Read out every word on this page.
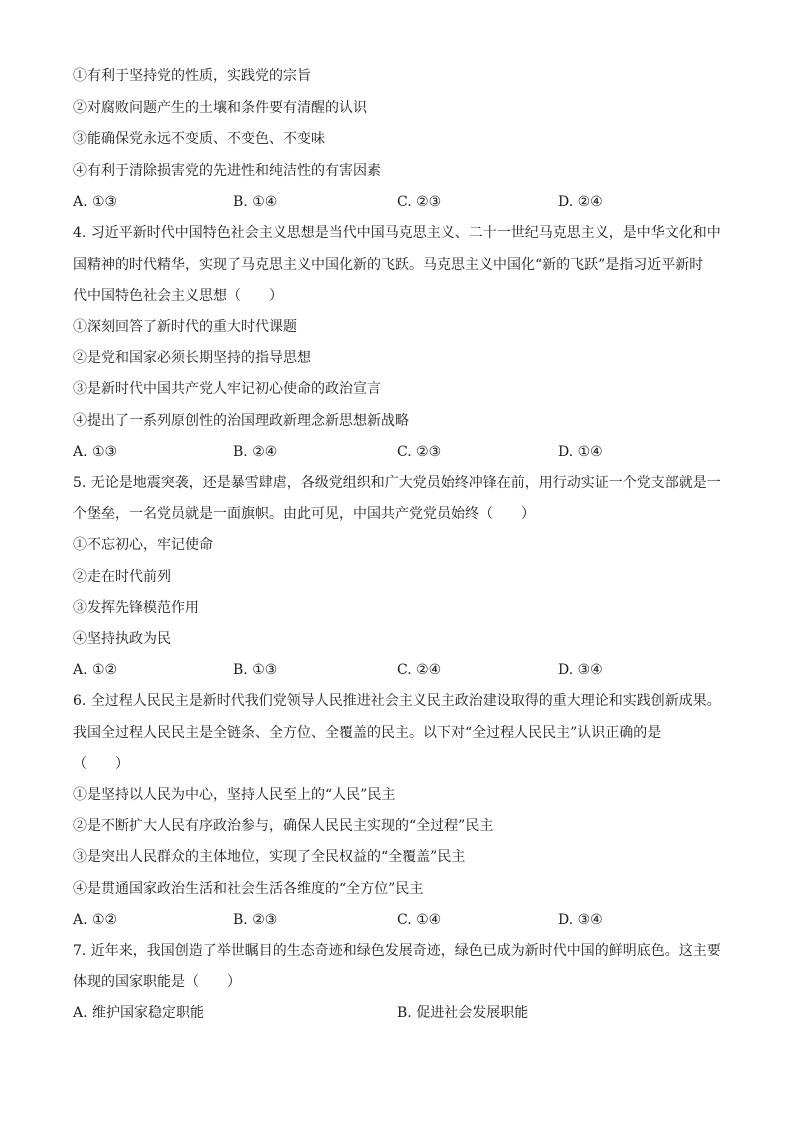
①有利于坚持党的性质，实践党的宗旨
②对腐败问题产生的土壤和条件要有清醒的认识
③能确保党永远不变质、不变色、不变味
④有利于清除损害党的先进性和纯洁性的有害因素
A. ①③	B. ①④	C. ②③	D. ②④
4. 习近平新时代中国特色社会主义思想是当代中国马克思主义、二十一世纪马克思主义，是中华文化和中
国精神的时代精华，实现了马克思主义中国化新的飞跃。马克思主义中国化“新的飞跃”是指习近平新时
代中国特色社会主义思想（　　）
①深刻回答了新时代的重大时代课题
②是党和国家必须长期坚持的指导思想
③是新时代中国共产党人牢记初心使命的政治宣言
④提出了一系列原创性的治国理政新理念新思想新战略
A. ①③	B. ②④	C. ②③	D. ①④
5. 无论是地震突袭，还是暴雪肆虐，各级党组织和广大党员始终冲锋在前，用行动实证一个党支部就是一
个堡垒，一名党员就是一面旗帜。由此可见，中国共产党党员始终（　　）
①不忘初心，牢记使命
②走在时代前列
③发挥先锋模范作用
④坚持执政为民
A. ①②	B. ①③	C. ②④	D. ③④
6. 全过程人民民主是新时代我们党领导人民推进社会主义民主政治建设取得的重大理论和实践创新成果。
我国全过程人民民主是全链条、全方位、全覆盖的民主。以下对“全过程人民民主”认识正确的是
（　　）
①是坚持以人民为中心，坚持人民至上的“人民”民主
②是不断扩大人民有序政治参与，确保人民民主实现的“全过程”民主
③是突出人民群众的主体地位，实现了全民权益的“全覆盖”民主
④是贯通国家政治生活和社会生活各维度的“全方位”民主
A. ①②	B. ②③	C. ①④	D. ③④
7. 近年来，我国创造了举世瞩目的生态奇迹和绿色发展奇迹，绿色已成为新时代中国的鲜明底色。这主要
体现的国家职能是（　　）
A. 维护国家稳定职能	B. 促进社会发展职能
